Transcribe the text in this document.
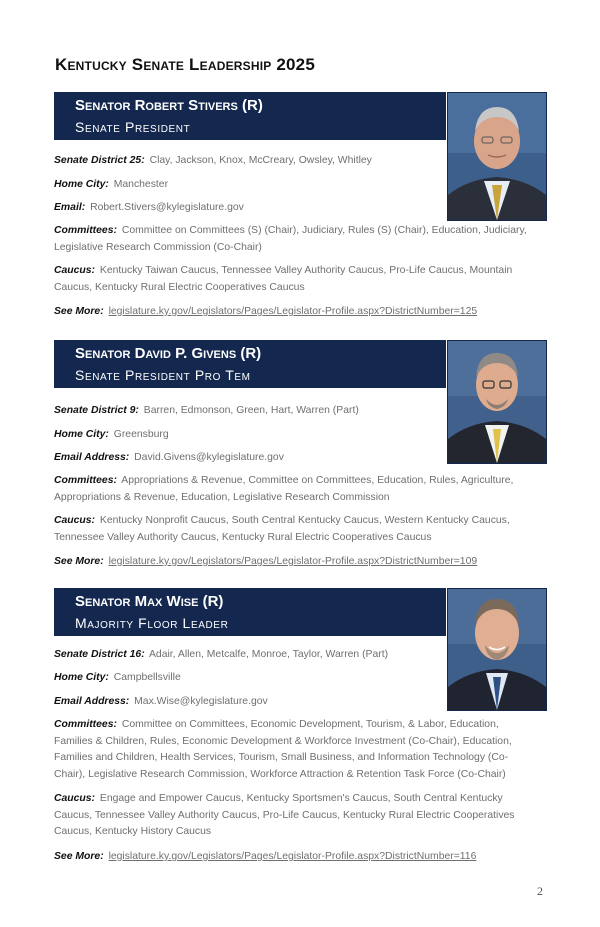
Kentucky Senate Leadership 2025
Senator Robert Stivers (R)
Senate President
Senate District 25: Clay, Jackson, Knox, McCreary, Owsley, Whitley
Home City: Manchester
Email: Robert.Stivers@kylegislature.gov
Committees: Committee on Committees (S) (Chair), Judiciary, Rules (S) (Chair), Education, Judiciary,
Legislative Research Commission (Co-Chair)
Caucus: Kentucky Taiwan Caucus, Tennessee Valley Authority Caucus, Pro-Life Caucus, Mountain
Caucus, Kentucky Rural Electric Cooperatives Caucus
See More: legislature.ky.gov/Legislators/Pages/Legislator-Profile.aspx?DistrictNumber=125
Senator David P. Givens (R)
Senate President Pro Tem
Senate District 9: Barren, Edmonson, Green, Hart, Warren (Part)
Home City: Greensburg
Email Address: David.Givens@kylegislature.gov
Committees: Appropriations & Revenue, Committee on Committees, Education, Rules, Agriculture,
Appropriations & Revenue, Education, Legislative Research Commission
Caucus: Kentucky Nonprofit Caucus, South Central Kentucky Caucus, Western Kentucky Caucus,
Tennessee Valley Authority Caucus, Kentucky Rural Electric Cooperatives Caucus
See More: legislature.ky.gov/Legislators/Pages/Legislator-Profile.aspx?DistrictNumber=109
Senator Max Wise (R)
Majority Floor Leader
Senate District 16: Adair, Allen, Metcalfe, Monroe, Taylor, Warren (Part)
Home City: Campbellsville
Email Address: Max.Wise@kylegislature.gov
Committees: Committee on Committees, Economic Development, Tourism, & Labor, Education,
Families & Children, Rules, Economic Development & Workforce Investment (Co-Chair), Education,
Families and Children, Health Services, Tourism, Small Business, and Information Technology (Co-
Chair), Legislative Research Commission, Workforce Attraction & Retention Task Force (Co-Chair)
Caucus: Engage and Empower Caucus, Kentucky Sportsmen's Caucus, South Central Kentucky
Caucus, Tennessee Valley Authority Caucus, Pro-Life Caucus, Kentucky Rural Electric Cooperatives
Caucus, Kentucky History Caucus
See More: legislature.ky.gov/Legislators/Pages/Legislator-Profile.aspx?DistrictNumber=116
2
